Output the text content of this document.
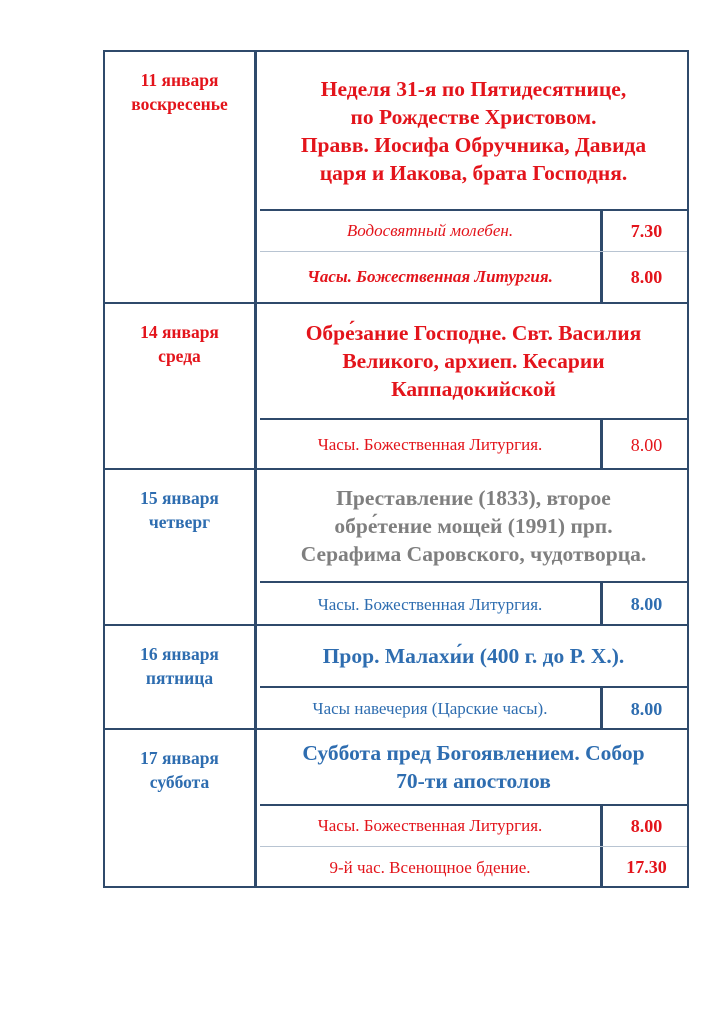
11 января
воскресенье
Неделя 31-я по Пятидесятнице,
по Рождестве Христовом.
Правв. Иосифа Обручника, Давида
царя и Иакова, брата Господня.
Водосвятный молебен.	7.30
Часы. Божественная Литургия.	8.00
14 января
среда
Обре́зание Господне. Свт. Василия
Великого, архиеп. Кесарии
Каппадокийской
Часы. Божественная Литургия.	8.00
15 января
четверг
Преставление (1833), второе
обре́тение мощей (1991) прп.
Серафима Саровского, чудотворца.
Часы. Божественная Литургия.	8.00
16 января
пятница
Прор. Малахи́и (400 г. до Р. Х.).
Часы навечерия (Царские часы).	8.00
17 января
суббота
Суббота пред Богоявлением. Собор
70-ти апостолов
Часы. Божественная Литургия.	8.00
9-й час. Всенощное бдение.	17.30
